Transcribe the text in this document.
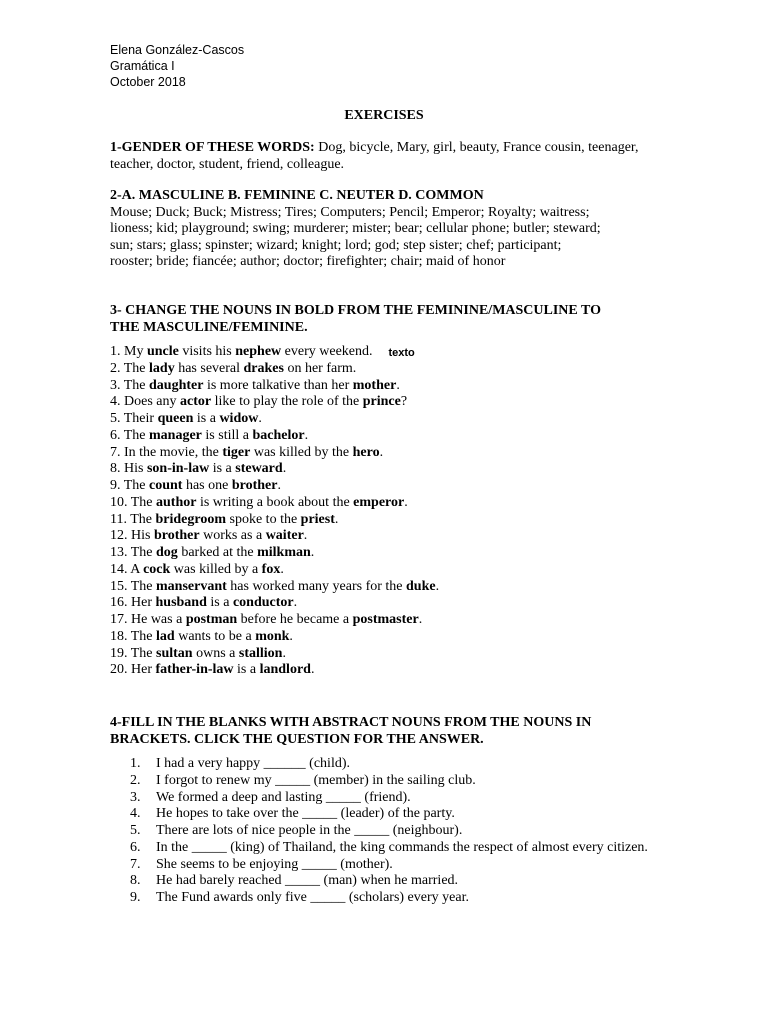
Elena González-Cascos
Gramática I
October 2018
EXERCISES
1-GENDER OF THESE WORDS: Dog, bicycle, Mary, girl, beauty, France cousin, teenager, teacher, doctor, student, friend, colleague.
2-A. MASCULINE B. FEMININE C. NEUTER D. COMMON
Mouse; Duck; Buck; Mistress; Tires; Computers; Pencil; Emperor; Royalty; waitress;
lioness; kid; playground; swing; murderer; mister; bear; cellular phone; butler; steward;
sun; stars; glass; spinster; wizard; knight; lord; god; step sister; chef; participant;
rooster; bride; fiancée; author; doctor; firefighter; chair; maid of honor
3- CHANGE THE NOUNS IN BOLD FROM THE FEMININE/MASCULINE TO
THE MASCULINE/FEMININE.
1. My uncle visits his nephew every weekend. texto
2. The lady has several drakes on her farm.
3. The daughter is more talkative than her mother.
4. Does any actor like to play the role of the prince?
5. Their queen is a widow.
6. The manager is still a bachelor.
7. In the movie, the tiger was killed by the hero.
8. His son-in-law is a steward.
9. The count has one brother.
10. The author is writing a book about the emperor.
11. The bridegroom spoke to the priest.
12. His brother works as a waiter.
13. The dog barked at the milkman.
14. A cock was killed by a fox.
15. The manservant has worked many years for the duke.
16. Her husband is a conductor.
17. He was a postman before he became a postmaster.
18. The lad wants to be a monk.
19. The sultan owns a stallion.
20. Her father-in-law is a landlord.
4-FILL IN THE BLANKS WITH ABSTRACT NOUNS FROM THE NOUNS IN
BRACKETS. CLICK THE QUESTION FOR THE ANSWER.
1. I had a very happy ______ (child).
2. I forgot to renew my _____ (member) in the sailing club.
3. We formed a deep and lasting _____ (friend).
4. He hopes to take over the _____ (leader) of the party.
5. There are lots of nice people in the _____ (neighbour).
6. In the _____ (king) of Thailand, the king commands the respect of almost every citizen.
7. She seems to be enjoying _____ (mother).
8. He had barely reached _____ (man) when he married.
9. The Fund awards only five _____ (scholars) every year.
